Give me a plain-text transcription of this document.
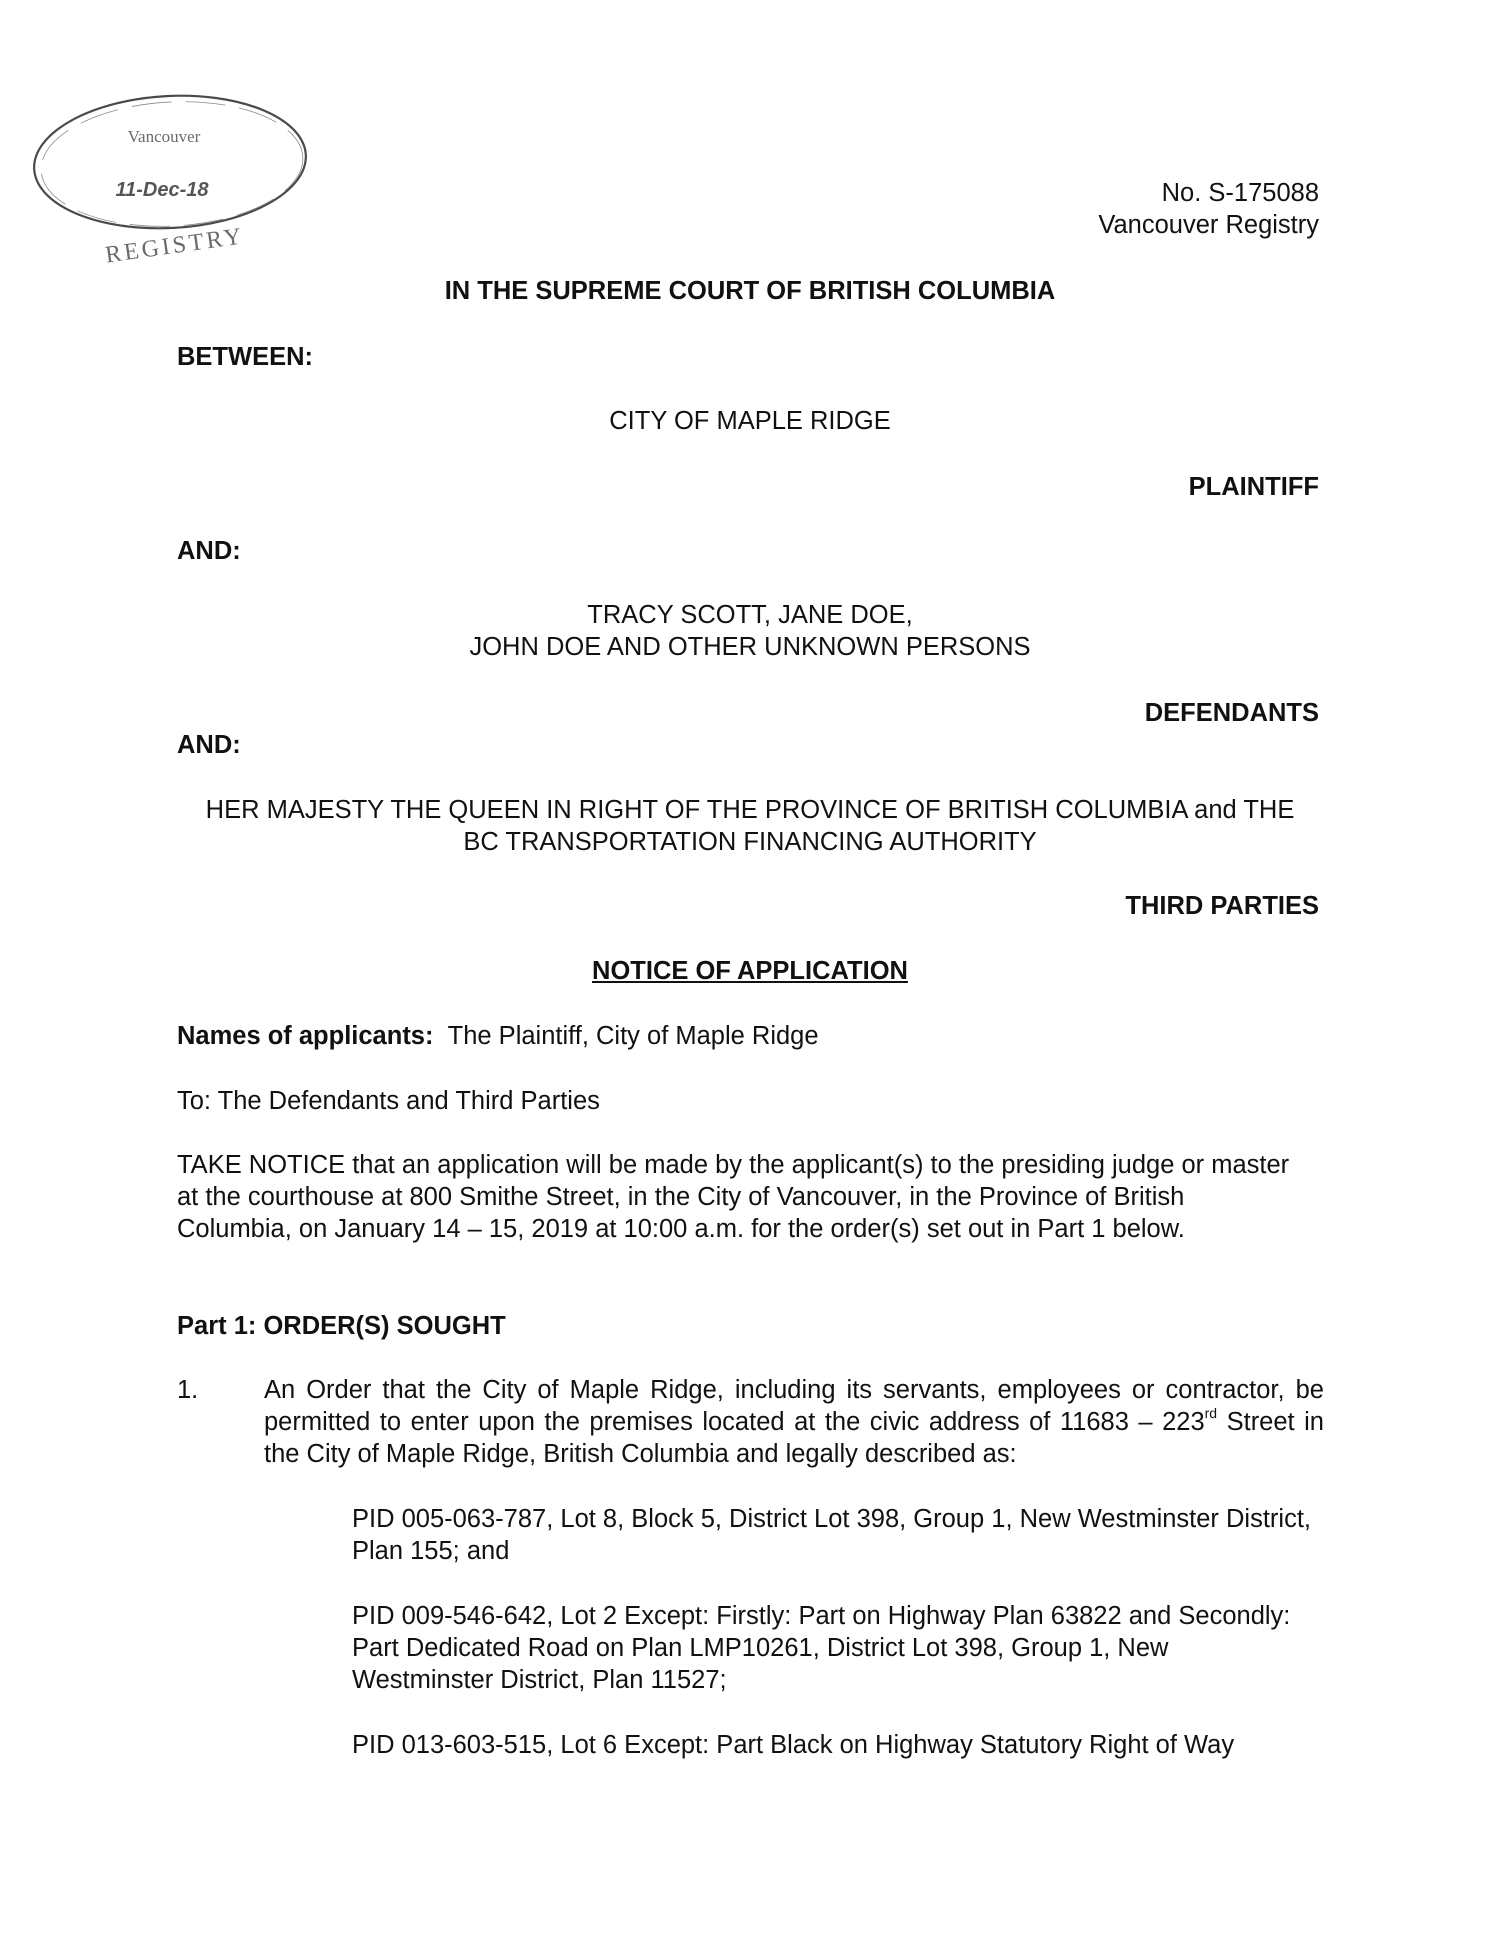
Vancouver
11-Dec-18
REGISTRY
No. S-175088
Vancouver Registry
IN THE SUPREME COURT OF BRITISH COLUMBIA
BETWEEN:
CITY OF MAPLE RIDGE
PLAINTIFF
AND:
TRACY SCOTT, JANE DOE,
JOHN DOE AND OTHER UNKNOWN PERSONS
DEFENDANTS
AND:
HER MAJESTY THE QUEEN IN RIGHT OF THE PROVINCE OF BRITISH COLUMBIA and THE
BC TRANSPORTATION FINANCING AUTHORITY
THIRD PARTIES
NOTICE OF APPLICATION
Names of applicants: The Plaintiff, City of Maple Ridge
To: The Defendants and Third Parties
TAKE NOTICE that an application will be made by the applicant(s) to the presiding judge or master at the courthouse at 800 Smithe Street, in the City of Vancouver, in the Province of British Columbia, on January 14 – 15, 2019 at 10:00 a.m. for the order(s) set out in Part 1 below.
Part 1: ORDER(S) SOUGHT
1.	An Order that the City of Maple Ridge, including its servants, employees or contractor, be permitted to enter upon the premises located at the civic address of 11683 – 223rd Street in the City of Maple Ridge, British Columbia and legally described as:
PID 005-063-787, Lot 8, Block 5, District Lot 398, Group 1, New Westminster District, Plan 155; and
PID 009-546-642, Lot 2 Except: Firstly: Part on Highway Plan 63822 and Secondly: Part Dedicated Road on Plan LMP10261, District Lot 398, Group 1, New Westminster District, Plan 11527;
PID 013-603-515, Lot 6 Except: Part Black on Highway Statutory Right of Way
